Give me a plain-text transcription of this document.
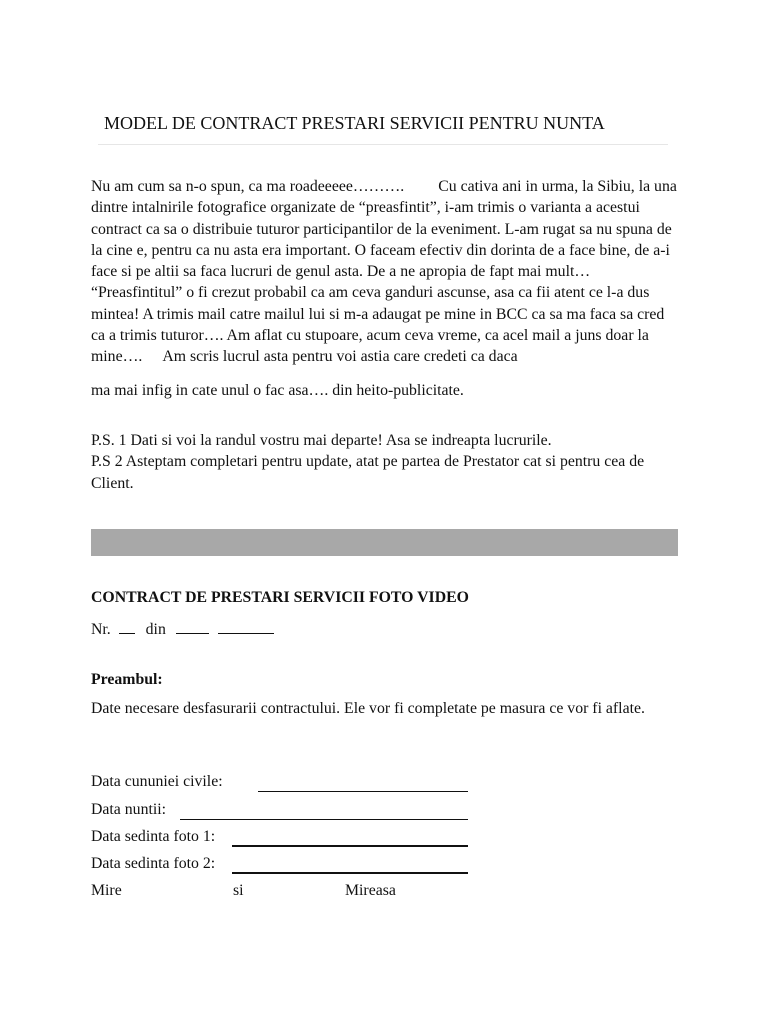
MODEL DE CONTRACT PRESTARI SERVICII PENTRU NUNTA

Nu am cum sa n-o spun, ca ma roadeeeee………. Cu cativa ani in urma, la Sibiu, la una dintre intalnirile fotografice organizate de “preasfintit”, i-am trimis o varianta a acestui contract ca sa o distribuie tuturor participantilor de la eveniment. L-am rugat sa nu spuna de la cine e, pentru ca nu asta era important. O faceam efectiv din dorinta de a face bine, de a-i face si pe altii sa faca lucruri de genul asta. De a ne apropia de fapt mai mult…

“Preasfintitul” o fi crezut probabil ca am ceva ganduri ascunse, asa ca fii atent ce l-a dus mintea! A trimis mail catre mailul lui si m-a adaugat pe mine in BCC ca sa ma faca sa cred ca a trimis tuturor…. Am aflat cu stupoare, acum ceva vreme, ca acel mail a juns doar la mine…. Am scris lucrul asta pentru voi astia care credeti ca daca

ma mai infig in cate unul o fac asa…. din heito-publicitate.

P.S. 1 Dati si voi la randul vostru mai departe! Asa se indreapta lucrurile.

P.S 2 Asteptam completari pentru update, atat pe partea de Prestator cat si pentru cea de Client.

CONTRACT DE PRESTARI SERVICII FOTO VIDEO
Nr. din
Preambul:
Date necesare desfasurarii contractului. Ele vor fi completate pe masura ce vor fi aflate.
Data cununiei civile:
Data nuntii:
Data sedinta foto 1:
Data sedinta foto 2:
Mire	si	Mireasa
